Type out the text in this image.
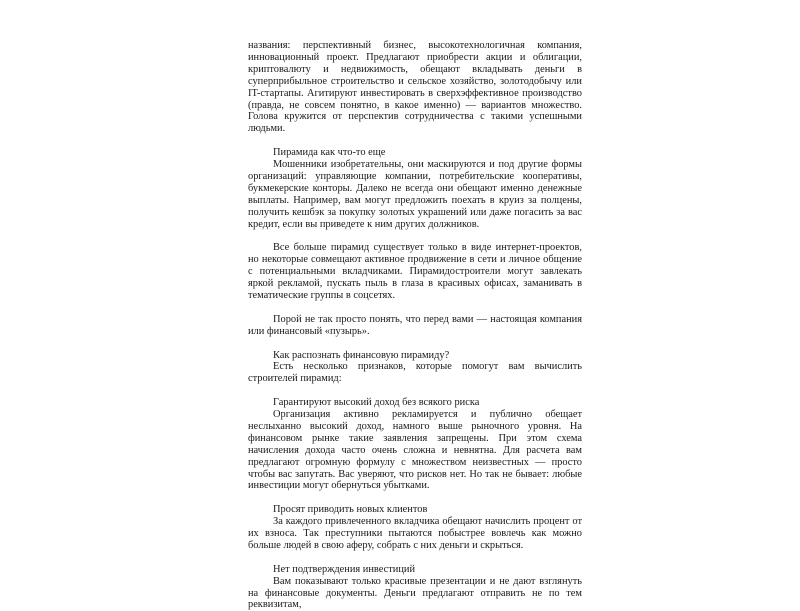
названия: перспективный бизнес, высокотехнологичная компания, инновационный проект. Предлагают приобрести акции и облигации, криптовалюту и недвижимость, обещают вкладывать деньги в суперприбыльное строительство и сельское хозяйство, золотодобычу или IT-стартапы. Агитируют инвестировать в сверхэффективное производство (правда, не совсем понятно, в какое именно) — вариантов множество. Голова кружится от перспектив сотрудничества с такими успешными людьми.

Пирамида как что-то еще

Мошенники изобретательны, они маскируются и под другие формы организаций: управляющие компании, потребительские кооперативы, букмекерские конторы. Далеко не всегда они обещают именно денежные выплаты. Например, вам могут предложить поехать в круиз за полцены, получить кешбэк за покупку золотых украшений или даже погасить за вас кредит, если вы приведете к ним других должников.

Все больше пирамид существует только в виде интернет-проектов, но некоторые совмещают активное продвижение в сети и личное общение с потенциальными вкладчиками. Пирамидостроители могут завлекать яркой рекламой, пускать пыль в глаза в красивых офисах, заманивать в тематические группы в соцсетях.

Порой не так просто понять, что перед вами — настоящая компания или финансовый «пузырь».

Как распознать финансовую пирамиду?

Есть несколько признаков, которые помогут вам вычислить строителей пирамид:

Гарантируют высокий доход без всякого риска

Организация активно рекламируется и публично обещает неслыханно высокий доход, намного выше рыночного уровня. На финансовом рынке такие заявления запрещены. При этом схема начисления дохода часто очень сложна и невнятна. Для расчета вам предлагают огромную формулу с множеством неизвестных — просто чтобы вас запутать. Вас уверяют, что рисков нет. Но так не бывает: любые инвестиции могут обернуться убытками.

Просят приводить новых клиентов

За каждого привлеченного вкладчика обещают начислить процент от их взноса. Так преступники пытаются побыстрее вовлечь как можно больше людей в свою аферу, собрать с них деньги и скрыться.

Нет подтверждения инвестиций

Вам показывают только красивые презентации и не дают взглянуть на финансовые документы. Деньги предлагают отправить не по тем реквизитам,
